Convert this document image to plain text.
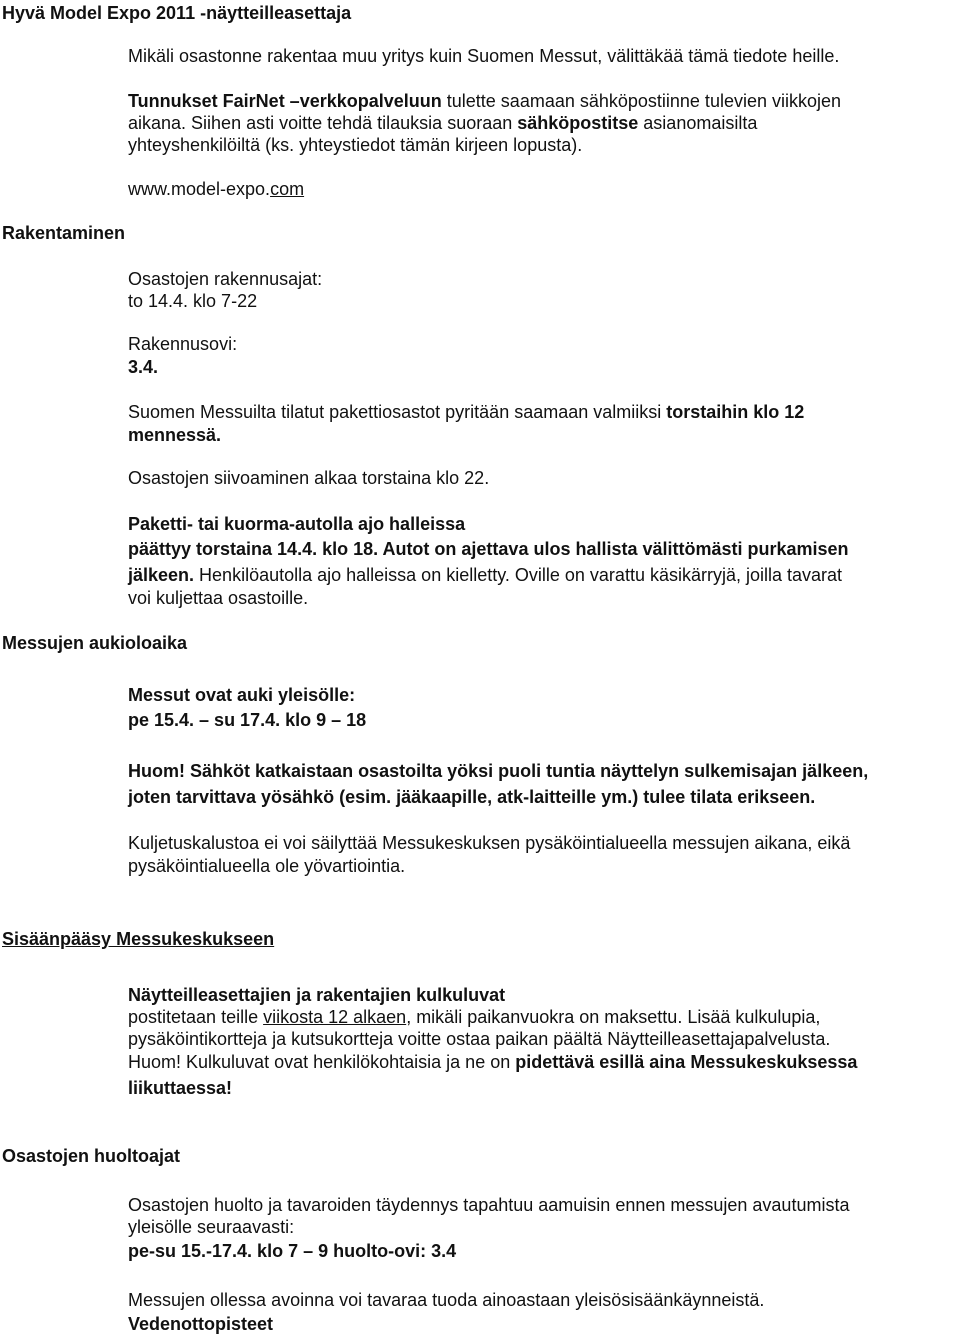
Hyvä Model Expo 2011 -näytteilleasettaja
Rakentaminen
Messujen aukioloaika
Sisäänpääsy Messukeskukseen
Osastojen huoltoajat
Mikäli osastonne rakentaa muu yritys kuin Suomen Messut, välittäkää tämä tiedote heille.
Tunnukset FairNet –verkkopalveluun tulette saamaan sähköpostiinne tulevien viikkojen
aikana. Siihen asti voitte tehdä tilauksia suoraan sähköpostitse asianomaisilta
yhteyshenkilöiltä (ks. yhteystiedot tämän kirjeen lopusta).
www.model-expo.com
Osastojen rakennusajat:
to 14.4. klo 7-22
Rakennusovi:
3.4.
Suomen Messuilta tilatut pakettiosastot pyritään saamaan valmiiksi torstaihin klo 12
mennessä.
Osastojen siivoaminen alkaa torstaina klo 22.
Paketti- tai kuorma-autolla ajo halleissa
päättyy torstaina 14.4. klo 18. Autot on ajettava ulos hallista välittömästi purkamisen
jälkeen. Henkilöautolla ajo halleissa on kielletty. Oville on varattu käsikärryjä, joilla tavarat
voi kuljettaa osastoille.
Messut ovat auki yleisölle:
pe 15.4. – su 17.4. klo 9 – 18
Huom! Sähköt katkaistaan osastoilta yöksi puoli tuntia näyttelyn sulkemisajan jälkeen,
joten tarvittava yösähkö (esim. jääkaapille, atk-laitteille ym.) tulee tilata erikseen.
Kuljetuskalustoa ei voi säilyttää Messukeskuksen pysäköintialueella messujen aikana, eikä
pysäköintialueella ole yövartiointia.
Näytteilleasettajien ja rakentajien kulkuluvat
postitetaan teille viikosta 12 alkaen, mikäli paikanvuokra on maksettu. Lisää kulkulupia,
pysäköintikortteja ja kutsukortteja voitte ostaa paikan päältä Näytteilleasettajapalvelusta.
Huom! Kulkuluvat ovat henkilökohtaisia ja ne on pidettävä esillä aina Messukeskuksessa
liikuttaessa!
Osastojen huolto ja tavaroiden täydennys tapahtuu aamuisin ennen messujen avautumista
yleisölle seuraavasti:
pe-su 15.-17.4. klo 7 – 9 huolto-ovi: 3.4
Messujen ollessa avoinna voi tavaraa tuoda ainoastaan yleisösisäänkäynneistä.
Vedenottopisteet
